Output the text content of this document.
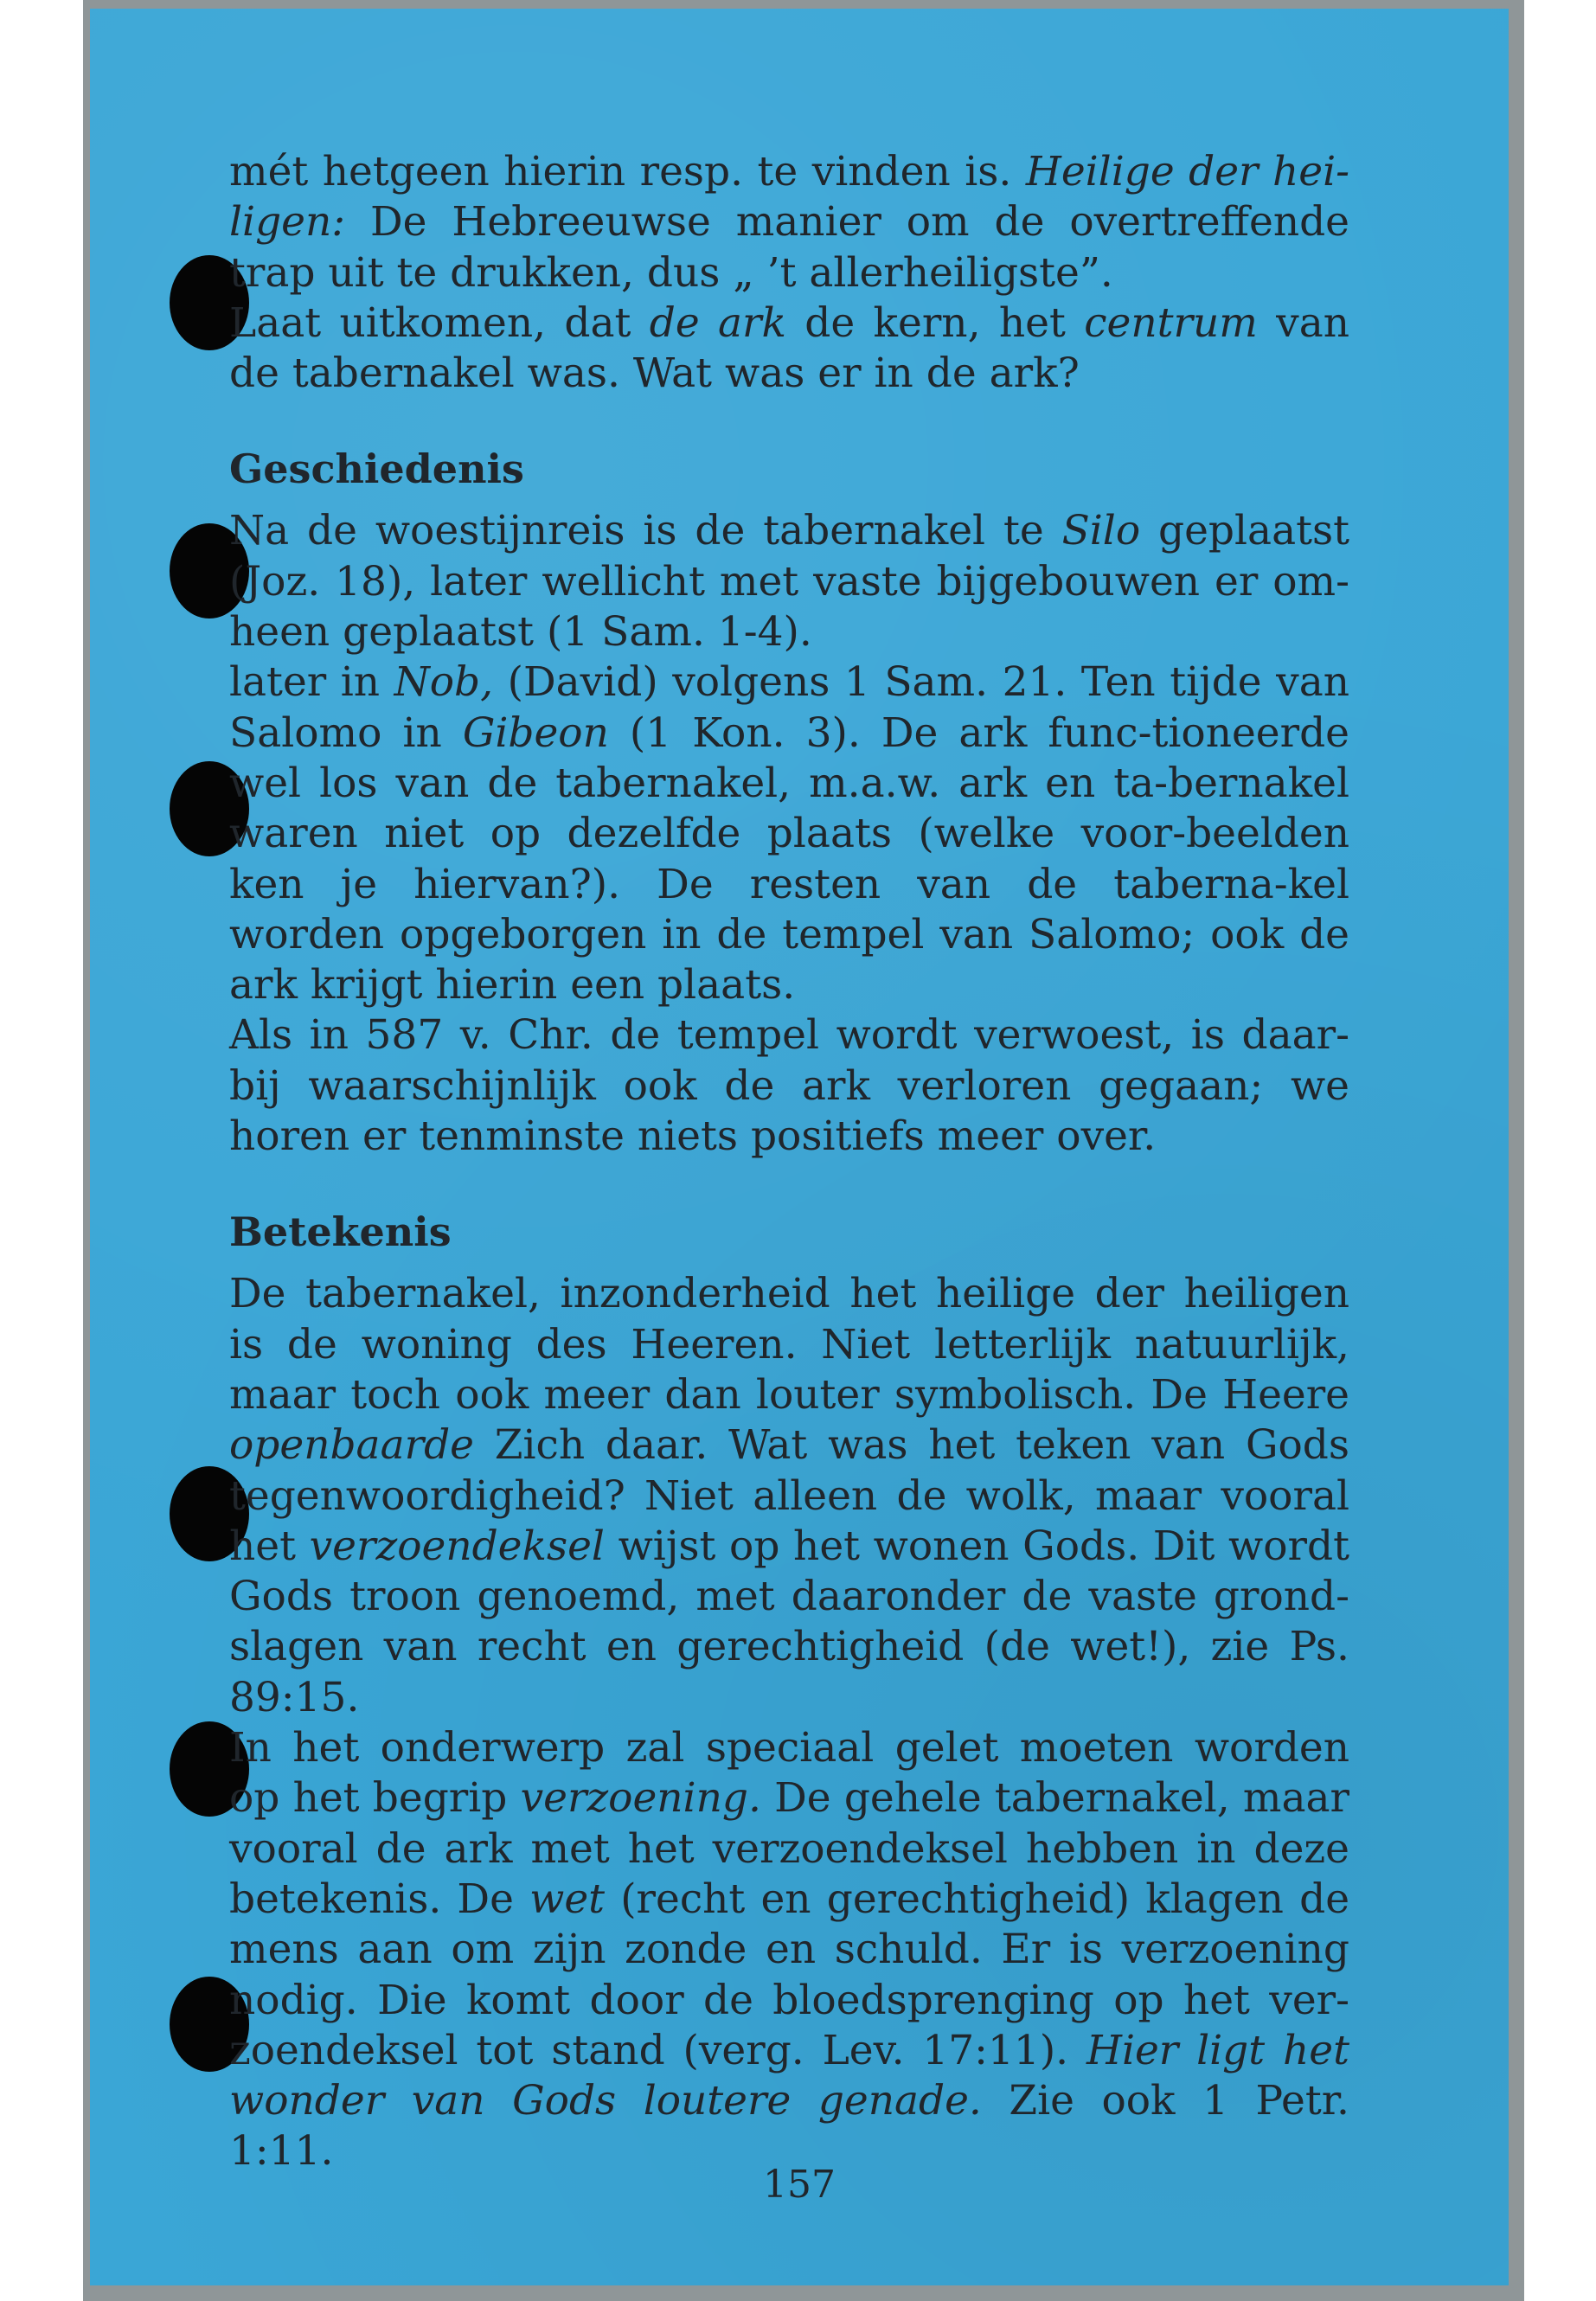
mét hetgeen hierin resp. te vinden is. Heilige der hei-ligen: De Hebreeuwse manier om de overtreffende trap uit te drukken, dus „ ’t allerheiligste”.

Laat uitkomen, dat de ark de kern, het centrum van de tabernakel was. Wat was er in de ark?

Geschiedenis

Na de woestijnreis is de tabernakel te Silo geplaatst (Joz. 18), later wellicht met vaste bijgebouwen er om-heen geplaatst (1 Sam. 1-4).

later in Nob, (David) volgens 1 Sam. 21. Ten tijde van Salomo in Gibeon (1 Kon. 3). De ark func-tioneerde wel los van de tabernakel, m.a.w. ark en ta-bernakel waren niet op dezelfde plaats (welke voor-beelden ken je hiervan?). De resten van de taberna-kel worden opgeborgen in de tempel van Salomo; ook de ark krijgt hierin een plaats.

Als in 587 v. Chr. de tempel wordt verwoest, is daar-bij waarschijnlijk ook de ark verloren gegaan; we horen er tenminste niets positiefs meer over.

Betekenis

De tabernakel, inzonderheid het heilige der heiligen is de woning des Heeren. Niet letterlijk natuurlijk, maar toch ook meer dan louter symbolisch. De Heere openbaarde Zich daar. Wat was het teken van Gods tegenwoordigheid? Niet alleen de wolk, maar vooral het verzoendeksel wijst op het wonen Gods. Dit wordt Gods troon genoemd, met daaronder de vaste grond-slagen van recht en gerechtigheid (de wet!), zie Ps. 89:15.

In het onderwerp zal speciaal gelet moeten worden op het begrip verzoening. De gehele tabernakel, maar vooral de ark met het verzoendeksel hebben in deze betekenis. De wet (recht en gerechtigheid) klagen de mens aan om zijn zonde en schuld. Er is verzoening nodig. Die komt door de bloedsprenging op het ver-zoendeksel tot stand (verg. Lev. 17:11). Hier ligt het wonder van Gods loutere genade. Zie ook 1 Petr. 1:11.

157
